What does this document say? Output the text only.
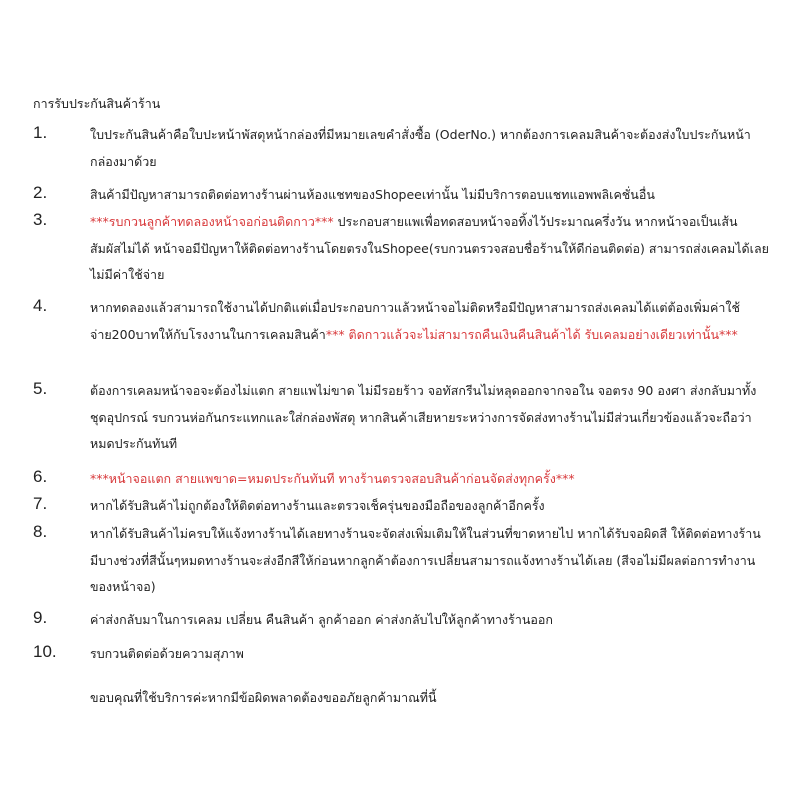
การรับประกันสินค้าร้าน
1.	ใบประกันสินค้าคือใบปะหน้าพัสดุหน้ากล่องที่มีหมายเลขคำสั่งซื้อ (OderNo.) หากต้องการเคลมสินค้าจะต้องส่งใบประกันหน้ากล่องมาด้วย
2.	สินค้ามีปัญหาสามารถติดต่อทางร้านผ่านห้องแชทของShopeeเท่านั้น ไม่มีบริการตอบแชทแอพพลิเคชั่นอื่น
3.	***รบกวนลูกค้าทดลองหน้าจอก่อนติดกาว*** ประกอบสายแพเพื่อทดสอบหน้าจอทิ้งไว้ประมาณครึ่งวัน หากหน้าจอเป็นเส้น สัมผัสไม่ได้ หน้าจอมีปัญหาให้ติดต่อทางร้านโดยตรงในShopee(รบกวนตรวจสอบชื่อร้านให้ดีก่อนติดต่อ) สามารถส่งเคลมได้เลยไม่มีค่าใช้จ่าย
4.	หากทดลองแล้วสามารถใช้งานได้ปกติแต่เมื่อประกอบกาวแล้วหน้าจอไม่ติดหรือมีปัญหาสามารถส่งเคลมได้แต่ต้องเพิ่มค่าใช้จ่าย200บาทให้กับโรงงานในการเคลมสินค้า*** ติดกาวแล้วจะไม่สามารถคืนเงินคืนสินค้าได้ รับเคลมอย่างเดียวเท่านั้น***
5.	ต้องการเคลมหน้าจอจะต้องไม่แตก สายแพไม่ขาด ไม่มีรอยร้าว จอทัสกรีนไม่หลุดออกจากจอใน จอตรง 90 องศา ส่งกลับมาทั้งชุดอุปกรณ์ รบกวนห่อกันกระแทกและใส่กล่องพัสดุ หากสินค้าเสียหายระหว่างการจัดส่งทางร้านไม่มีส่วนเกี่ยวข้องแล้วจะถือว่าหมดประกันทันที
6.	***หน้าจอแตก สายแพขาด=หมดประกันทันที ทางร้านตรวจสอบสินค้าก่อนจัดส่งทุกครั้ง***
7.	หากได้รับสินค้าไม่ถูกต้องให้ติดต่อทางร้านและตรวจเช็ครุ่นของมือถือของลูกค้าอีกครั้ง
8.	หากได้รับสินค้าไม่ครบให้แจ้งทางร้านได้เลยทางร้านจะจัดส่งเพิ่มเติมให้ในส่วนที่ขาดหายไป หากได้รับจอผิดสี ให้ติดต่อทางร้าน มีบางช่วงที่สีนั้นๆหมดทางร้านจะส่งอีกสีให้ก่อนหากลูกค้าต้องการเปลี่ยนสามารถแจ้งทางร้านได้เลย (สีจอไม่มีผลต่อการทำงานของหน้าจอ)
9.	ค่าส่งกลับมาในการเคลม เปลี่ยน คืนสินค้า ลูกค้าออก ค่าส่งกลับไปให้ลูกค้าทางร้านออก
10.	รบกวนติดต่อด้วยความสุภาพ
ขอบคุณที่ใช้บริการค่ะหากมีข้อผิดพลาดต้องขออภัยลูกค้ามาณที่นี้
